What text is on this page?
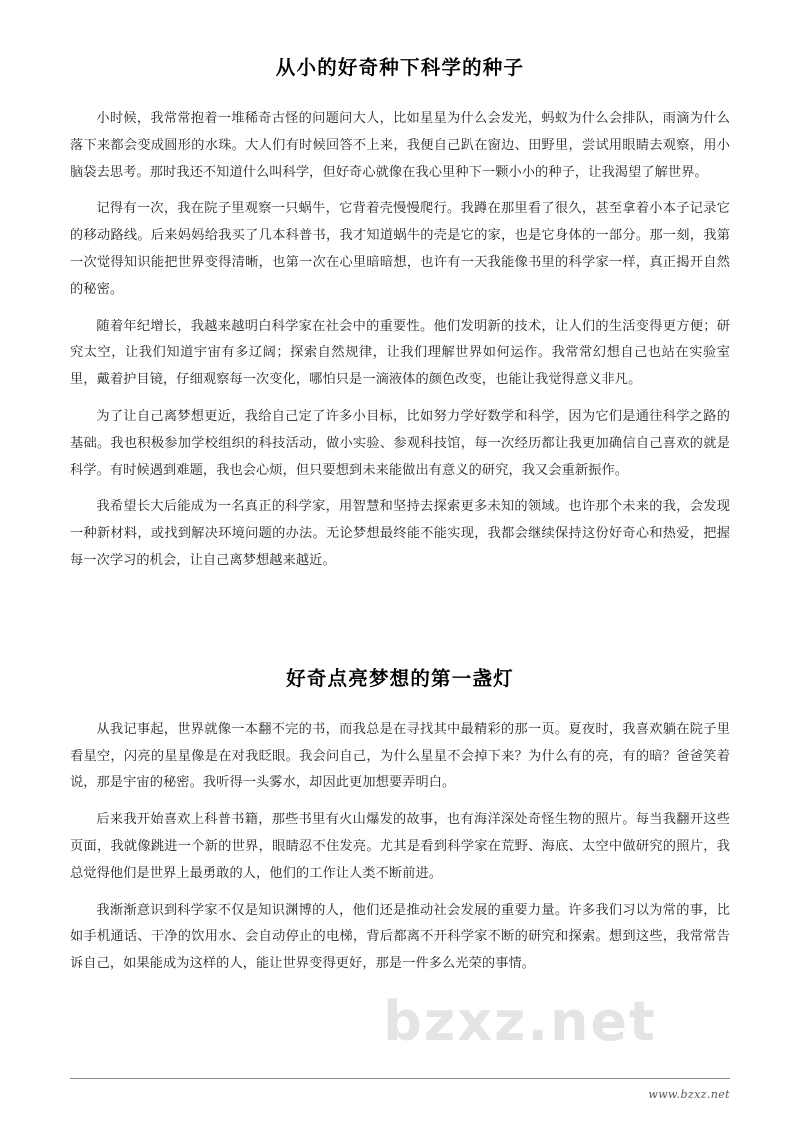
从小的好奇种下科学的种子

小时候，我常常抱着一堆稀奇古怪的问题问大人，比如星星为什么会发光，蚂蚁为什么会排队，雨滴为什么落下来都会变成圆形的水珠。大人们有时候回答不上来，我便自己趴在窗边、田野里，尝试用眼睛去观察，用小脑袋去思考。那时我还不知道什么叫科学，但好奇心就像在我心里种下一颗小小的种子，让我渴望了解世界。

记得有一次，我在院子里观察一只蜗牛，它背着壳慢慢爬行。我蹲在那里看了很久，甚至拿着小本子记录它的移动路线。后来妈妈给我买了几本科普书，我才知道蜗牛的壳是它的家，也是它身体的一部分。那一刻，我第一次觉得知识能把世界变得清晰，也第一次在心里暗暗想，也许有一天我能像书里的科学家一样，真正揭开自然的秘密。

随着年纪增长，我越来越明白科学家在社会中的重要性。他们发明新的技术，让人们的生活变得更方便；研究太空，让我们知道宇宙有多辽阔；探索自然规律，让我们理解世界如何运作。我常常幻想自己也站在实验室里，戴着护目镜，仔细观察每一次变化，哪怕只是一滴液体的颜色改变，也能让我觉得意义非凡。

为了让自己离梦想更近，我给自己定了许多小目标，比如努力学好数学和科学，因为它们是通往科学之路的基础。我也积极参加学校组织的科技活动，做小实验、参观科技馆，每一次经历都让我更加确信自己喜欢的就是科学。有时候遇到难题，我也会心烦，但只要想到未来能做出有意义的研究，我又会重新振作。

我希望长大后能成为一名真正的科学家，用智慧和坚持去探索更多未知的领域。也许那个未来的我，会发现一种新材料，或找到解决环境问题的办法。无论梦想最终能不能实现，我都会继续保持这份好奇心和热爱，把握每一次学习的机会，让自己离梦想越来越近。

好奇点亮梦想的第一盏灯

从我记事起，世界就像一本翻不完的书，而我总是在寻找其中最精彩的那一页。夏夜时，我喜欢躺在院子里看星空，闪亮的星星像是在对我眨眼。我会问自己，为什么星星不会掉下来？为什么有的亮，有的暗？爸爸笑着说，那是宇宙的秘密。我听得一头雾水，却因此更加想要弄明白。

后来我开始喜欢上科普书籍，那些书里有火山爆发的故事，也有海洋深处奇怪生物的照片。每当我翻开这些页面，我就像跳进一个新的世界，眼睛忍不住发亮。尤其是看到科学家在荒野、海底、太空中做研究的照片，我总觉得他们是世界上最勇敢的人，他们的工作让人类不断前进。

我渐渐意识到科学家不仅是知识渊博的人，他们还是推动社会发展的重要力量。许多我们习以为常的事，比如手机通话、干净的饮用水、会自动停止的电梯，背后都离不开科学家不断的研究和探索。想到这些，我常常告诉自己，如果能成为这样的人，能让世界变得更好，那是一件多么光荣的事情。

bzxz.net
www.bzxz.net
